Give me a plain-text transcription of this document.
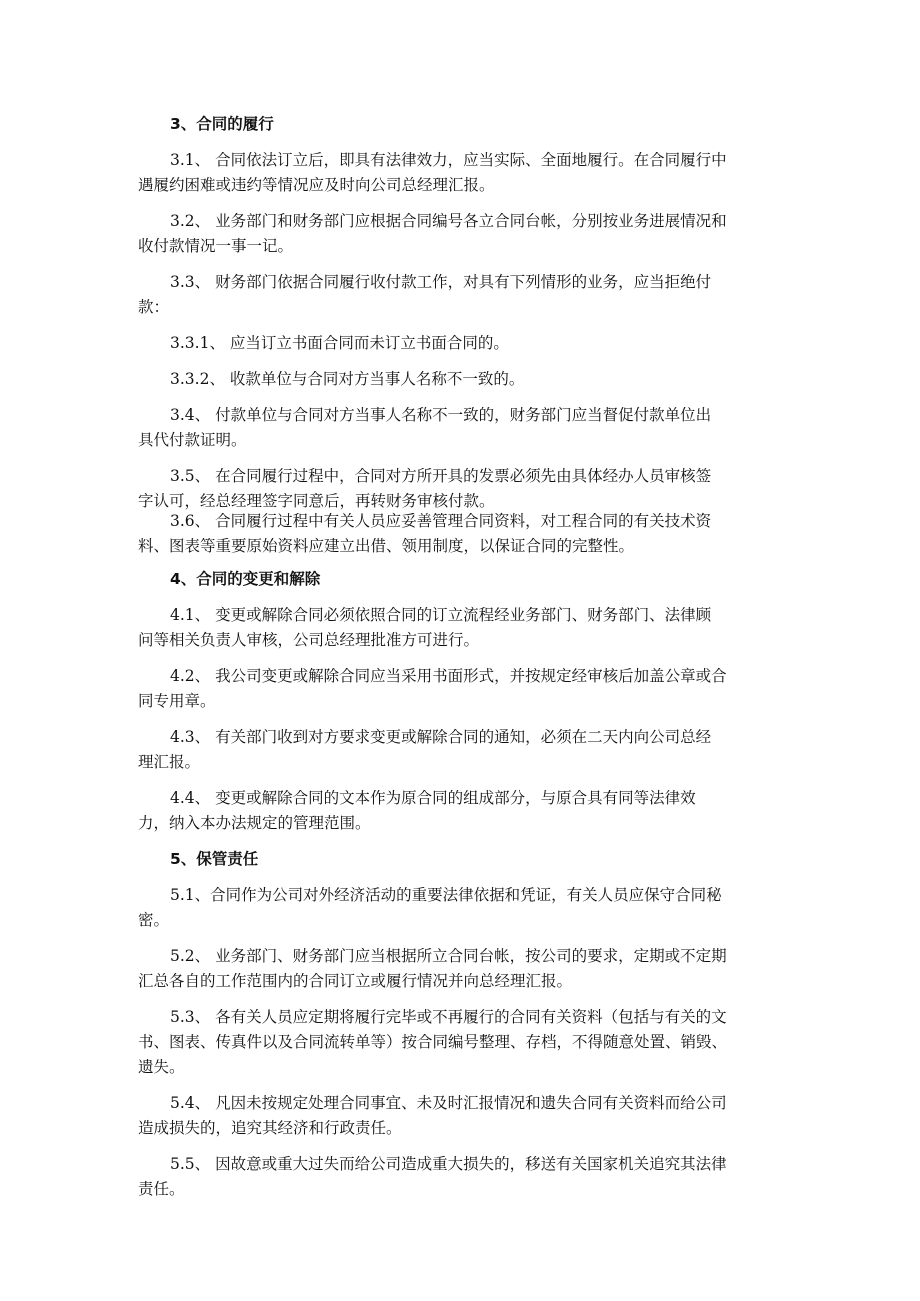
3、合同的履行
3.1、 合同依法订立后，即具有法律效力，应当实际、全面地履行。在合同履行中
遇履约困难或违约等情况应及时向公司总经理汇报。
3.2、 业务部门和财务部门应根据合同编号各立合同台帐，分别按业务进展情况和
收付款情况一事一记。
3.3、 财务部门依据合同履行收付款工作，对具有下列情形的业务，应当拒绝付
款：
3.3.1、 应当订立书面合同而未订立书面合同的。
3.3.2、 收款单位与合同对方当事人名称不一致的。
3.4、 付款单位与合同对方当事人名称不一致的，财务部门应当督促付款单位出
具代付款证明。
3.5、 在合同履行过程中，合同对方所开具的发票必须先由具体经办人员审核签
字认可，经总经理签字同意后，再转财务审核付款。
3.6、 合同履行过程中有关人员应妥善管理合同资料，对工程合同的有关技术资
料、图表等重要原始资料应建立出借、领用制度，以保证合同的完整性。
4、合同的变更和解除
4.1、 变更或解除合同必须依照合同的订立流程经业务部门、财务部门、法律顾
问等相关负责人审核，公司总经理批准方可进行。
4.2、 我公司变更或解除合同应当采用书面形式，并按规定经审核后加盖公章或合
同专用章。
4.3、 有关部门收到对方要求变更或解除合同的通知，必须在二天内向公司总经
理汇报。
4.4、 变更或解除合同的文本作为原合同的组成部分，与原合具有同等法律效
力，纳入本办法规定的管理范围。
5、保管责任
5.1、合同作为公司对外经济活动的重要法律依据和凭证，有关人员应保守合同秘
密。
5.2、 业务部门、财务部门应当根据所立合同台帐，按公司的要求，定期或不定期
汇总各自的工作范围内的合同订立或履行情况并向总经理汇报。
5.3、 各有关人员应定期将履行完毕或不再履行的合同有关资料（包括与有关的文
书、图表、传真件以及合同流转单等）按合同编号整理、存档，不得随意处置、销毁、
遗失。
5.4、 凡因未按规定处理合同事宜、未及时汇报情况和遗失合同有关资料而给公司
造成损失的，追究其经济和行政责任。
5.5、 因故意或重大过失而给公司造成重大损失的，移送有关国家机关追究其法律
责任。
